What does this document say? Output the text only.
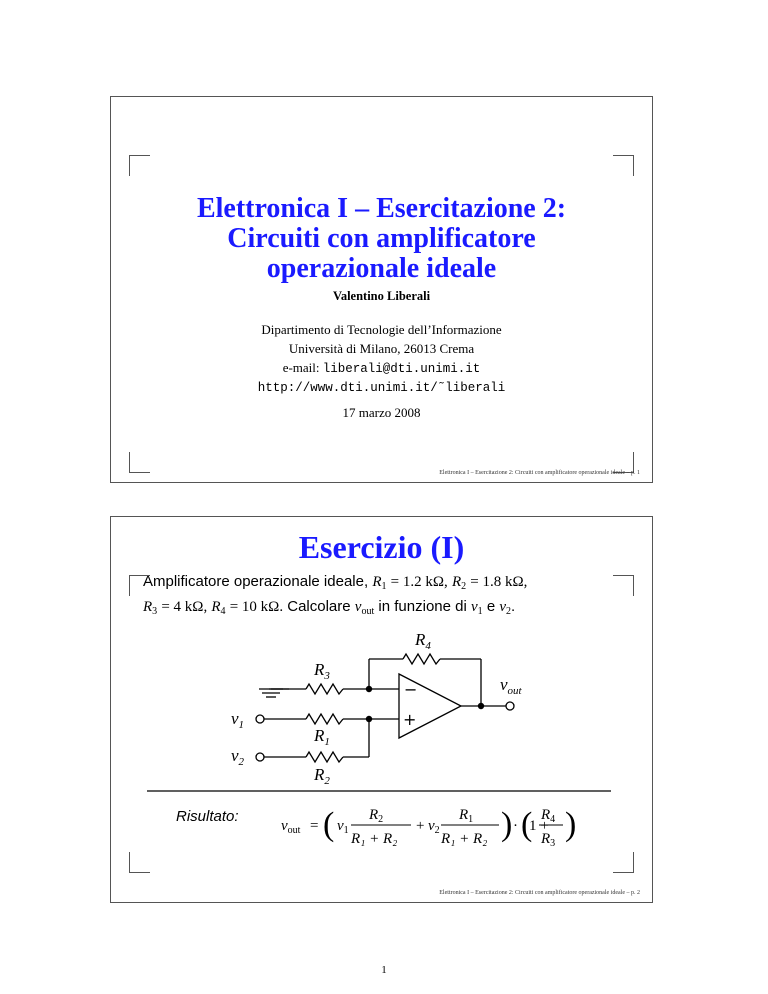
Elettronica I – Esercitazione 2:
Circuiti con amplificatore
operazionale ideale
Valentino Liberali
Dipartimento di Tecnologie dell’Informazione
Università di Milano, 26013 Crema
e-mail: liberali@dti.unimi.it
http://www.dti.unimi.it/˜liberali
17 marzo 2008
Elettronica I – Esercitazione 2: Circuiti con amplificatore operazionale ideale – p. 1
Esercizio (I)
Amplificatore operazionale ideale, $R_1 = 1.2$ kΩ, $R_2 = 1.8$ kΩ,
$R_3 = 4$ kΩ, $R_4 = 10$ kΩ. Calcolare $v_{out}$ in funzione di $v_1$ e $v_2$.
$R_4$
$R_3$
$R_1$
$R_2$
$v_1$
$v_2$
$v_{out}$
−
+
$v_{out}$ = ( $v_1$
$R_2$
R₁ + R₂
+ $v_2$
$R_1$
R₁ + R₂ ) · (
1 +
$R_4$
$R_3$
)
Risultato:
Elettronica I – Esercitazione 2: Circuiti con amplificatore operazionale ideale – p. 2
1
